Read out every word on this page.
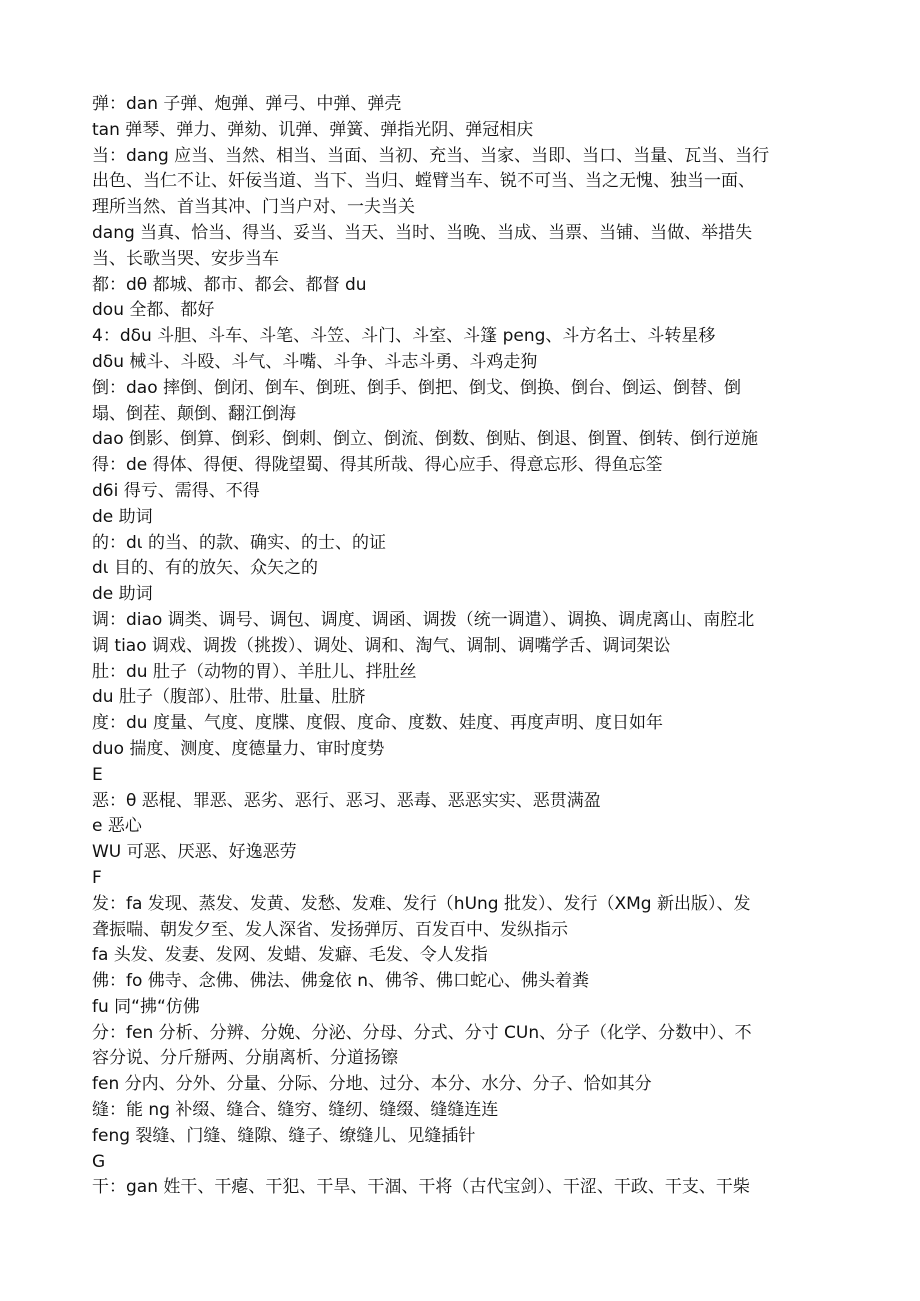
弹：dan 子弹、炮弹、弹弓、中弹、弹壳
tan 弹琴、弹力、弹劾、讥弹、弹簧、弹指光阴、弹冠相庆
当：dang 应当、当然、相当、当面、当初、充当、当家、当即、当口、当量、瓦当、当行
出色、当仁不让、奸佞当道、当下、当归、螳臂当车、锐不可当、当之无愧、独当一面、
理所当然、首当其冲、门当户对、一夫当关
dang 当真、恰当、得当、妥当、当天、当时、当晚、当成、当票、当铺、当做、举措失
当、长歌当哭、安步当车
都：dθ 都城、都市、都会、都督 du
dou 全都、都好
4：dδu 斗胆、斗车、斗笔、斗笠、斗门、斗室、斗篷 peng、斗方名士、斗转星移
dδu 械斗、斗殴、斗气、斗嘴、斗争、斗志斗勇、斗鸡走狗
倒：dao 摔倒、倒闭、倒车、倒班、倒手、倒把、倒戈、倒换、倒台、倒运、倒替、倒
塌、倒茬、颠倒、翻江倒海
dao 倒影、倒算、倒彩、倒刺、倒立、倒流、倒数、倒贴、倒退、倒置、倒转、倒行逆施
得：de 得体、得便、得陇望蜀、得其所哉、得心应手、得意忘形、得鱼忘筌
d6i 得亏、需得、不得
de 助词
的：dι 的当、的款、确实、的士、的证
dι 目的、有的放矢、众矢之的
de 助词
调：diao 调类、调号、调包、调度、调函、调拨（统一调遣）、调换、调虎离山、南腔北
调 tiao 调戏、调拨（挑拨）、调处、调和、淘气、调制、调嘴学舌、调词架讼
肚：du 肚子（动物的胃）、羊肚儿、拌肚丝
du 肚子（腹部）、肚带、肚量、肚脐
度：du 度量、气度、度牒、度假、度命、度数、娃度、再度声明、度日如年
duo 揣度、测度、度德量力、审时度势
E
恶：θ 恶棍、罪恶、恶劣、恶行、恶习、恶毒、恶恶实实、恶贯满盈
e 恶心
WU 可恶、厌恶、好逸恶劳
F
发：fa 发现、蒸发、发黄、发愁、发难、发行（hUng 批发）、发行（XMg 新出版）、发
聋振喘、朝发夕至、发人深省、发扬弹厉、百发百中、发纵指示
fa 头发、发妻、发网、发蜡、发癖、毛发、令人发指
佛：fo 佛寺、念佛、佛法、佛龛依 n、佛爷、佛口蛇心、佛头着粪
fu 同“拂“仿佛
分：fen 分析、分辨、分娩、分泌、分母、分式、分寸 CUn、分子（化学、分数中）、不
容分说、分斤掰两、分崩离析、分道扬镲
fen 分内、分外、分量、分际、分地、过分、本分、水分、分子、恰如其分
缝：能 ng 补缀、缝合、缝穷、缝纫、缝缀、缝缝连连
feng 裂缝、门缝、缝隙、缝子、缭缝儿、见缝插针
G
干：gan 姓干、干瘪、干犯、干旱、干涸、干将（古代宝剑）、干涩、干政、干支、干柴
